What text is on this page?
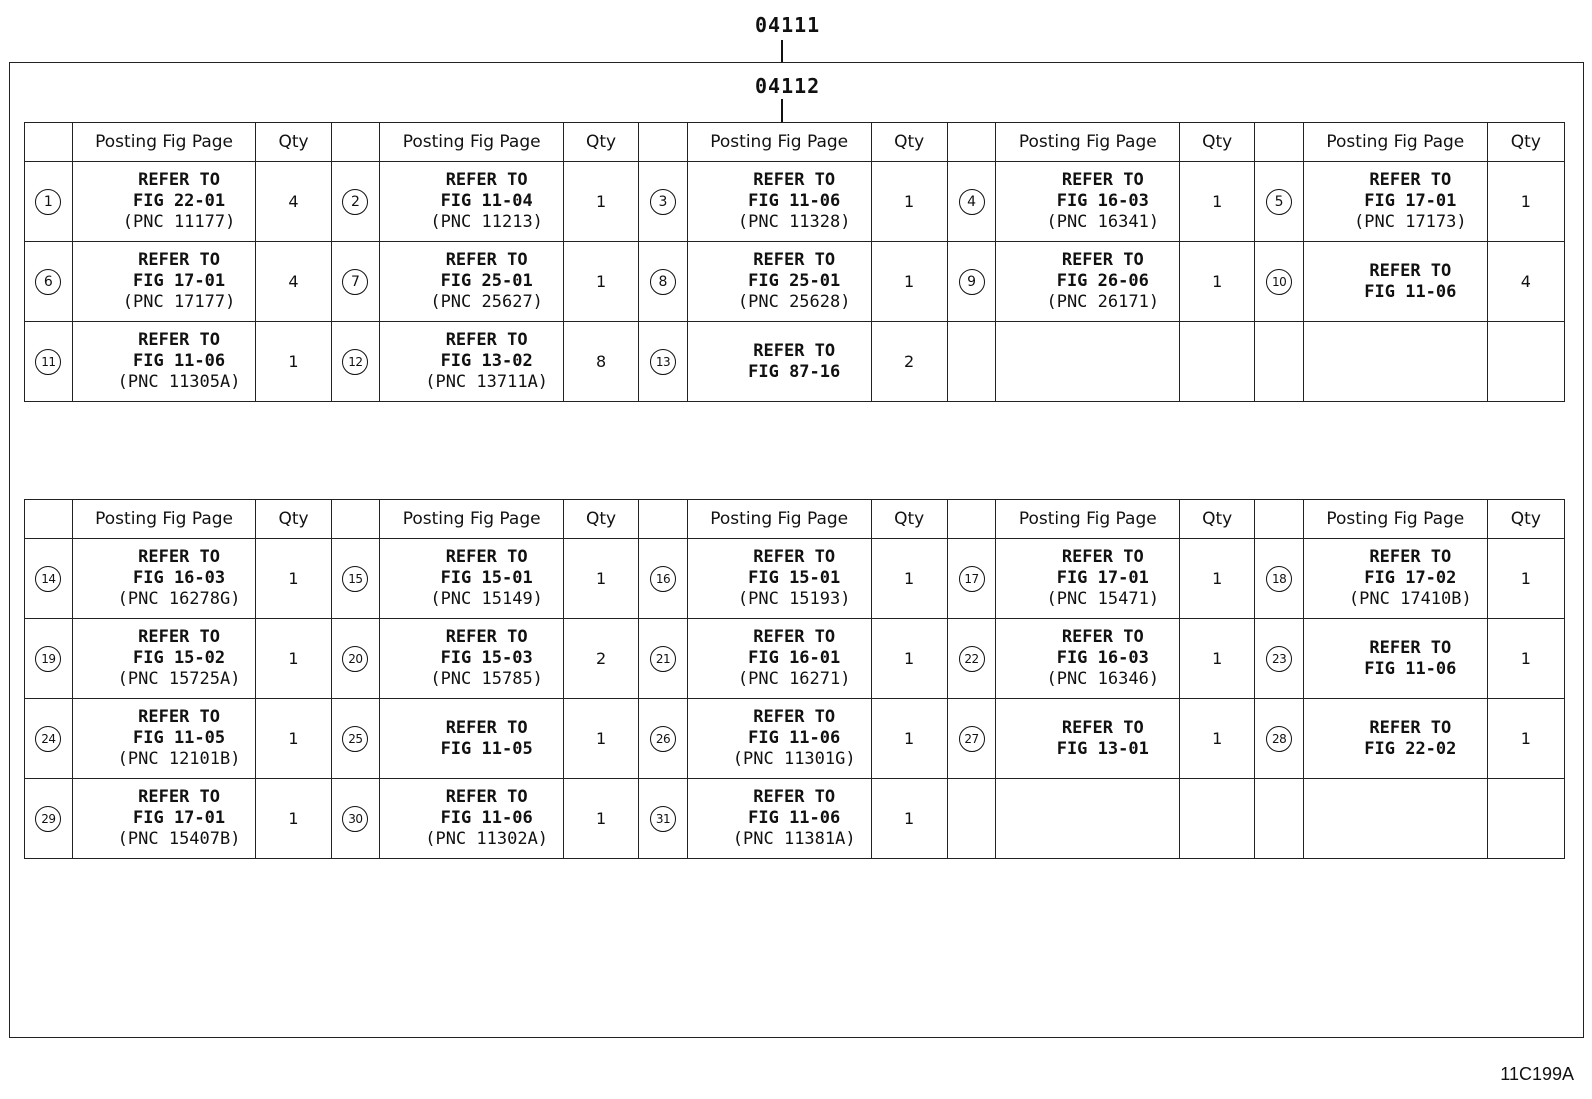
04111
04112
	Posting Fig Page	Qty		Posting Fig Page	Qty		Posting Fig Page	Qty		Posting Fig Page	Qty		Posting Fig Page	Qty
1	REFER TO
FIG 22-01
(PNC 11177)	4	2	REFER TO
FIG 11-04
(PNC 11213)	1	3	REFER TO
FIG 11-06
(PNC 11328)	1	4	REFER TO
FIG 16-03
(PNC 16341)	1	5	REFER TO
FIG 17-01
(PNC 17173)	1
6	REFER TO
FIG 17-01
(PNC 17177)	4	7	REFER TO
FIG 25-01
(PNC 25627)	1	8	REFER TO
FIG 25-01
(PNC 25628)	1	9	REFER TO
FIG 26-06
(PNC 26171)	1	10	REFER TO
FIG 11-06	4
11	REFER TO
FIG 11-06
(PNC 11305A)	1	12	REFER TO
FIG 13-02
(PNC 13711A)	8	13	REFER TO
FIG 87-16	2						
	Posting Fig Page	Qty		Posting Fig Page	Qty		Posting Fig Page	Qty		Posting Fig Page	Qty		Posting Fig Page	Qty
14	REFER TO
FIG 16-03
(PNC 16278G)	1	15	REFER TO
FIG 15-01
(PNC 15149)	1	16	REFER TO
FIG 15-01
(PNC 15193)	1	17	REFER TO
FIG 17-01
(PNC 15471)	1	18	REFER TO
FIG 17-02
(PNC 17410B)	1
19	REFER TO
FIG 15-02
(PNC 15725A)	1	20	REFER TO
FIG 15-03
(PNC 15785)	2	21	REFER TO
FIG 16-01
(PNC 16271)	1	22	REFER TO
FIG 16-03
(PNC 16346)	1	23	REFER TO
FIG 11-06	1
24	REFER TO
FIG 11-05
(PNC 12101B)	1	25	REFER TO
FIG 11-05	1	26	REFER TO
FIG 11-06
(PNC 11301G)	1	27	REFER TO
FIG 13-01	1	28	REFER TO
FIG 22-02	1
29	REFER TO
FIG 17-01
(PNC 15407B)	1	30	REFER TO
FIG 11-06
(PNC 11302A)	1	31	REFER TO
FIG 11-06
(PNC 11381A)	1						
11C199A
